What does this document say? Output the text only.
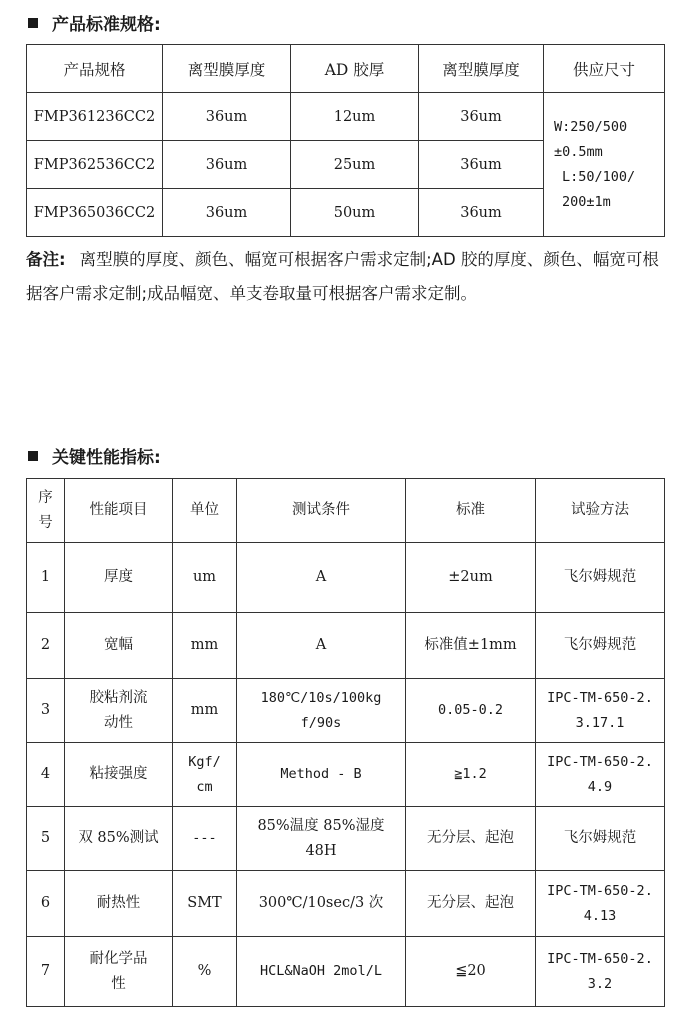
产品标准规格:
产品规格	离型膜厚度	AD 胶厚	离型膜厚度	供应尺寸
FMP361236CC2	36um	12um	36um	W:250/500
±0.5mm
L:50/100/
200±1m

FMP362536CC2	36um	25um	36um	
FMP365036CC2	36um	50um	36um	
备注: 离型膜的厚度、颜色、幅宽可根据客户需求定制;AD 胶的厚度、颜色、幅宽可根据客户需求定制;成品幅宽、单支卷取量可根据客户需求定制。
关键性能指标:
序号	性能项目	单位	测试条件	标准	试验方法
1	厚度	um	A	±2um	飞尔姆规范
2	宽幅	mm	A	标准值±1mm	飞尔姆规范
3	胶粘剂流动性	mm	180℃/10s/100kgf/90s	0.05-0.2	IPC-TM-650-2.3.17.1

4	粘接强度	Kgf/cm	Method - B	≧1.2	IPC-TM-650-2.4.9

5	双 85%测试	---	85%温度 85%湿度 48H	无分层、起泡	飞尔姆规范
6	耐热性	SMT	300℃/10sec/3 次	无分层、起泡	IPC-TM-650-2.4.13

7	耐化学品性	%	HCL&NaOH 2mol/L	≦20	IPC-TM-650-2.3.2
